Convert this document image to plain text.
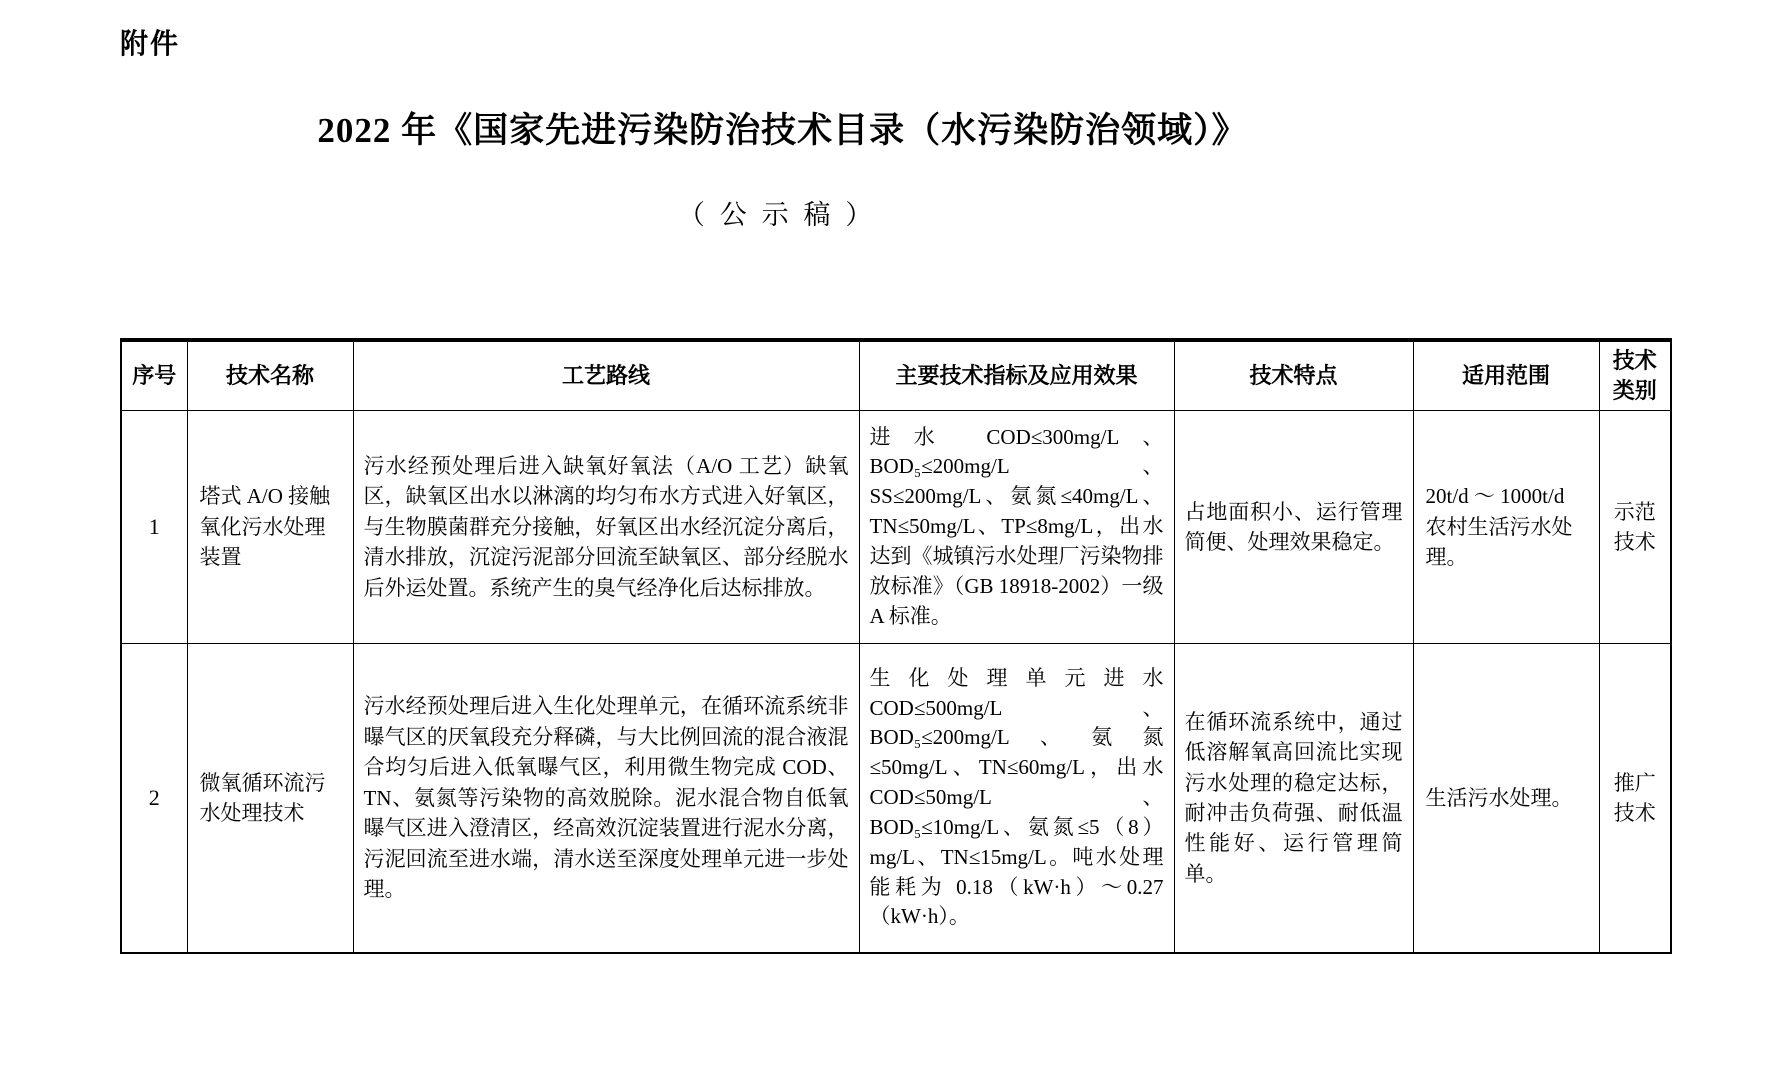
附件
2022 年《国家先进污染防治技术目录（水污染防治领域）》
（公示稿）
序号	技术名称	工艺路线	主要技术指标及应用效果	技术特点	适用范围	技术类别
1	塔式 A/O 接触氧化污水处理装置	污水经预处理后进入缺氧好氧法（A/O 工艺）缺氧区，缺氧区出水以淋漓的均匀布水方式进入好氧区，与生物膜菌群充分接触，好氧区出水经沉淀分离后，清水排放，沉淀污泥部分回流至缺氧区、部分经脱水后外运处置。系统产生的臭气经净化后达标排放。	进水 COD≤300mg/L、BOD₅≤200mg/L、SS≤200mg/L、氨氮≤40mg/L、TN≤50mg/L、TP≤8mg/L，出水达到《城镇污水处理厂污染物排放标准》（GB 18918-2002）一级 A 标准。	占地面积小、运行管理简便、处理效果稳定。	20t/d ～ 1000t/d 农村生活污水处理。	示范技术
2	微氧循环流污水处理技术	污水经预处理后进入生化处理单元，在循环流系统非曝气区的厌氧段充分释磷，与大比例回流的混合液混合均匀后进入低氧曝气区，利用微生物完成 COD、TN、氨氮等污染物的高效脱除。泥水混合物自低氧曝气区进入澄清区，经高效沉淀装置进行泥水分离，污泥回流至进水端，清水送至深度处理单元进一步处理。	生化处理单元进水 COD≤500mg/L、BOD₅≤200mg/L、氨氮≤50mg/L、TN≤60mg/L，出水 COD≤50mg/L、BOD₅≤10mg/L、氨氮≤5（8）mg/L、TN≤15mg/L。吨水处理能耗为 0.18（kW·h）～0.27（kW·h）。	在循环流系统中，通过低溶解氧高回流比实现污水处理的稳定达标，耐冲击负荷强、耐低温性能好、运行管理简单。	生活污水处理。	推广技术
